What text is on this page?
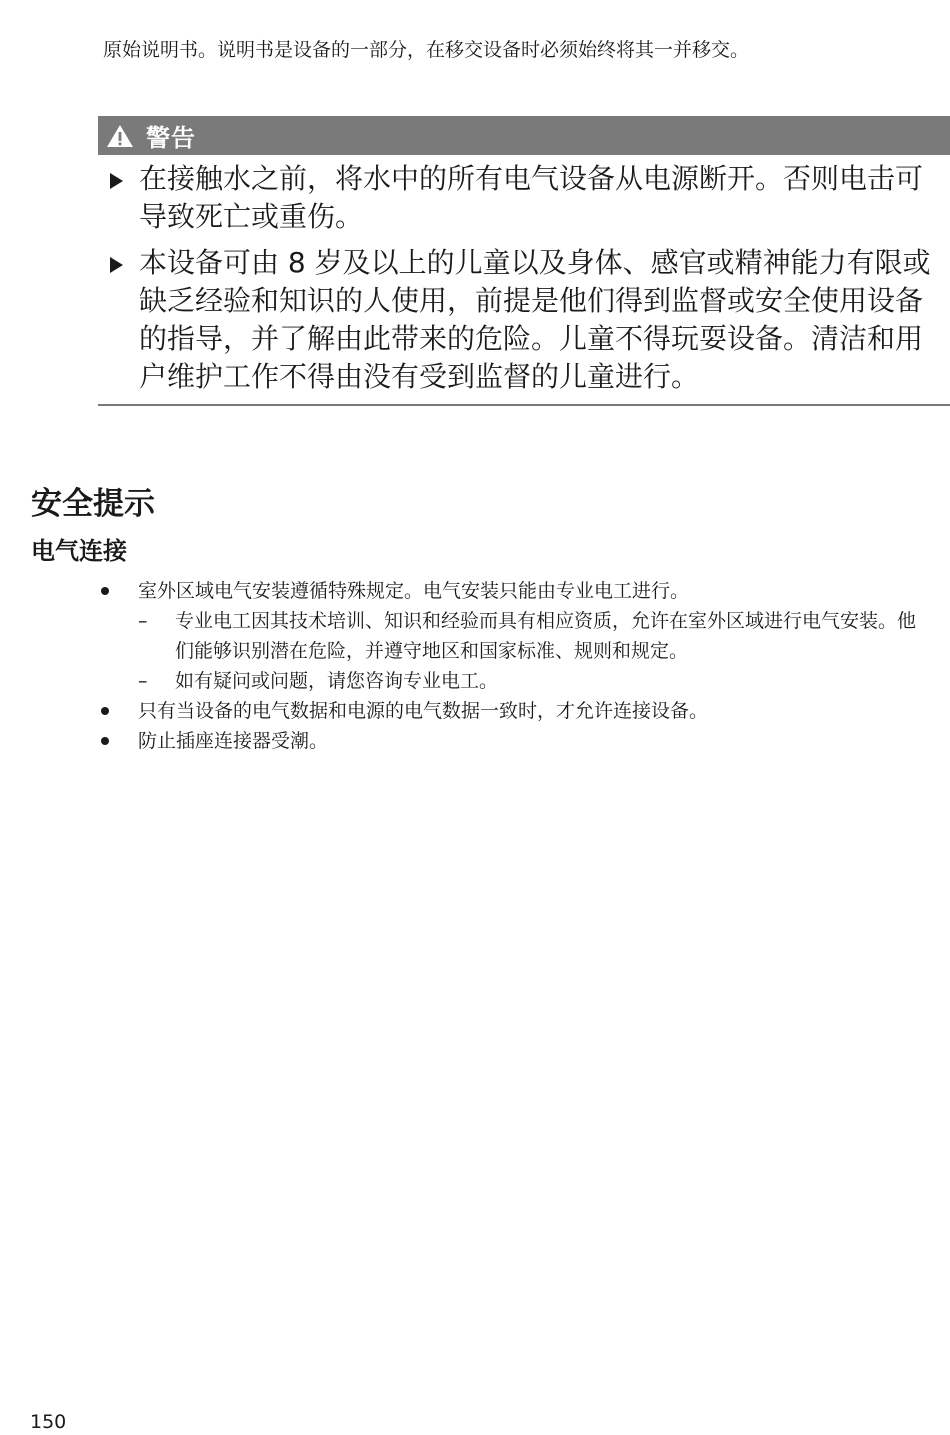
原始说明书。说明书是设备的一部分，在移交设备时必须始终将其一并移交。

警告
在接触水之前，将水中的所有电气设备从电源断开。否则电击可导致死亡或重伤。
本设备可由 8 岁及以上的儿童以及身体、感官或精神能力有限或缺乏经验和知识的人使用，前提是他们得到监督或安全使用设备的指导，并了解由此带来的危险。儿童不得玩耍设备。清洁和用户维护工作不得由没有受到监督的儿童进行。
安全提示
电气连接
室外区域电气安装遵循特殊规定。电气安装只能由专业电工进行。
– 专业电工因其技术培训、知识和经验而具有相应资质，允许在室外区域进行电气安装。他们能够识别潜在危险，并遵守地区和国家标准、规则和规定。
– 如有疑问或问题，请您咨询专业电工。
只有当设备的电气数据和电源的电气数据一致时，才允许连接设备。
防止插座连接器受潮。
150
